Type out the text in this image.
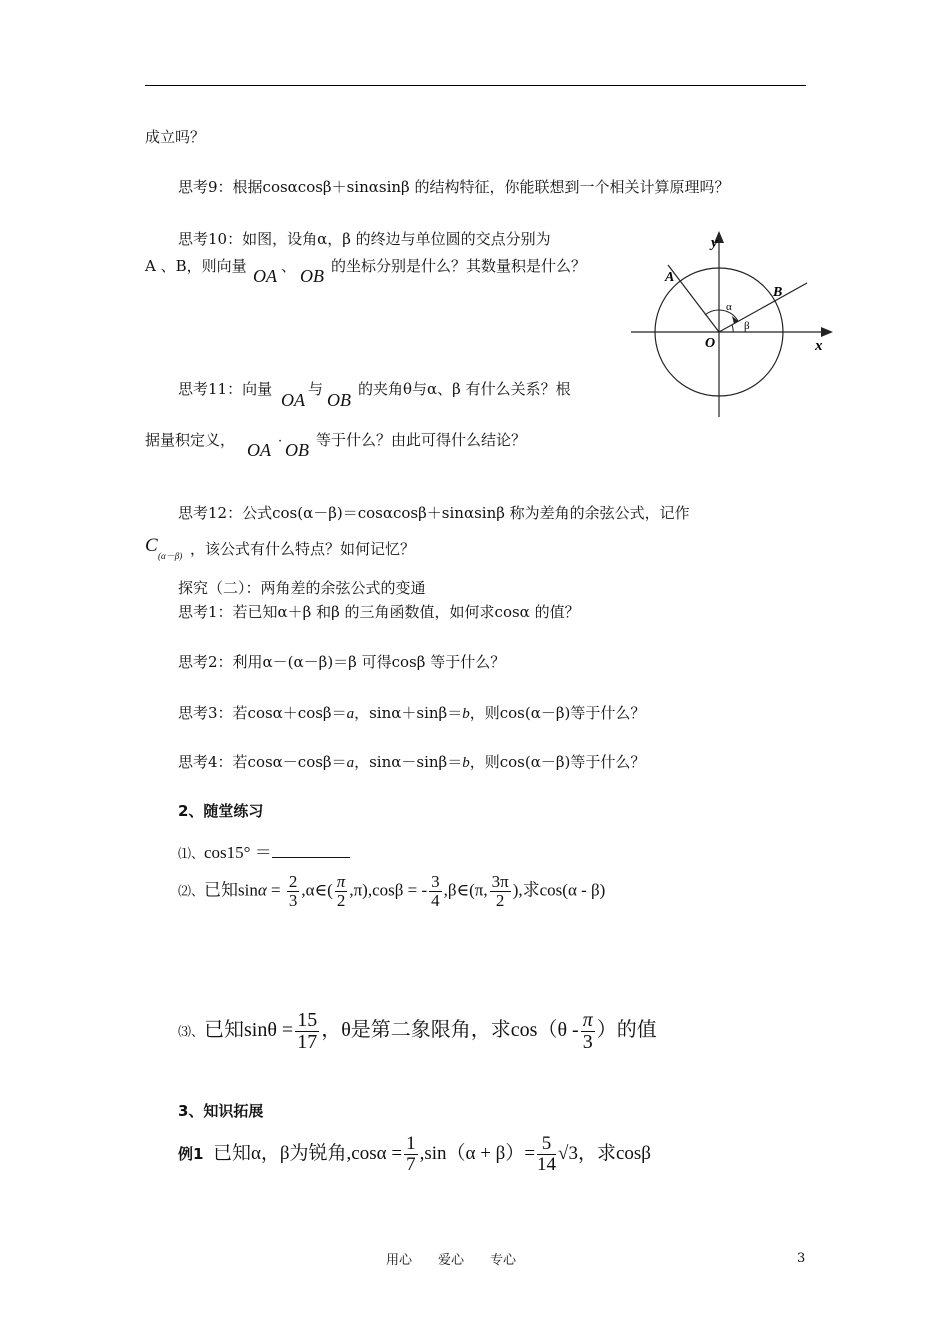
成立吗？
思考9：根据cosαcosβ＋sinαsinβ 的结构特征，你能联想到一个相关计算原理吗？
思考10：如图，设角α，β 的终边与单位圆的交点分别为
A 、B，则向量 OA 、 OB 的坐标分别是什么？其数量积是什么？
思考11：向量
OA
与
OB
的夹角θ与α、β 有什么关系？根
据量积定义， OA · OB 等于什么？由此可得什么结论？
思考12：公式cos(α－β)＝cosαcosβ＋sinαsinβ 称为差角的余弦公式，记作
C (α－β) ，该公式有什么特点？如何记忆？
探究（二）：两角差的余弦公式的变通
思考1：若已知α＋β 和β 的三角函数值，如何求cosα 的值？
思考2：利用α－(α－β)＝β 可得cosβ 等于什么？
思考3：若cosα＋cosβ＝a，sinα＋sinβ＝b，则cos(α－β)等于什么？
思考4：若cosα－cosβ＝a，sinα－sinβ＝b，则cos(α－β)等于什么？
2、随堂练习
⑴、cos15° ＝
⑵、已知$\sin\alpha = \frac{2}{3}$ ,α∈( $\frac{\pi}{2} ,\pi),\cos\beta$ = - $\frac{3}{4}$ ,β∈(π, $\frac{3\pi}{2}$ ),求cos(α - β)
⑶、已知$\sin\theta = \frac{15}{17}$ ，θ是第二象限角，求$\cos(\theta - \frac{\pi}{3}$ ）的值
3、知识拓展
例1 已知α，β为锐角$,\cos\alpha = \frac{1}{7} ,\sin(\alpha + \beta)= \frac{5}{14} √3$，求cosβ
y
x
O
A
B
α
β
用心　　爱心　　专心	3
